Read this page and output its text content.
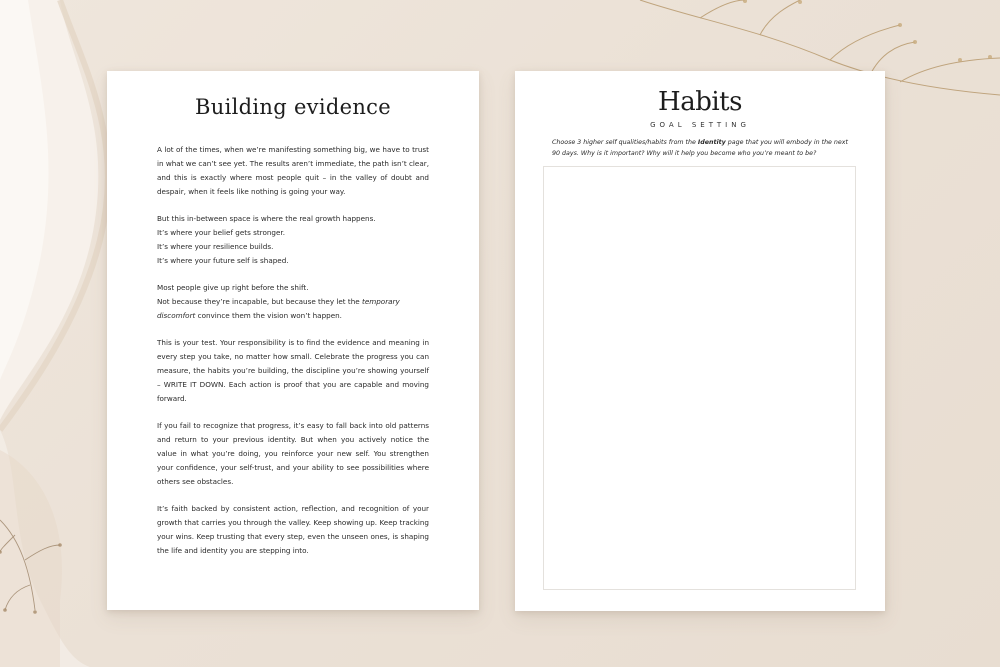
Building evidence

A lot of the times, when we’re manifesting something big, we have to trust in what we can’t see yet. The results aren’t immediate, the path isn’t clear, and this is exactly where most people quit – in the valley of doubt and despair, when it feels like nothing is going your way.

But this in-between space is where the real growth happens.
It’s where your belief gets stronger.
It’s where your resilience builds.
It’s where your future self is shaped.

Most people give up right before the shift.
Not because they’re incapable, but because they let the temporary discomfort convince them the vision won’t happen.

This is your test. Your responsibility is to find the evidence and meaning in every step you take, no matter how small. Celebrate the progress you can measure, the habits you’re building, the discipline you’re showing yourself – WRITE IT DOWN. Each action is proof that you are capable and moving forward.

If you fail to recognize that progress, it’s easy to fall back into old patterns and return to your previous identity. But when you actively notice the value in what you’re doing, you reinforce your new self. You strengthen your confidence, your self-trust, and your ability to see possibilities where others see obstacles.

It’s faith backed by consistent action, reflection, and recognition of your growth that carries you through the valley. Keep showing up. Keep tracking your wins. Keep trusting that every step, even the unseen ones, is shaping the life and identity you are stepping into.

Habits
GOAL SETTING
Choose 3 higher self qualities/habits from the Identity page that you will embody in the next 90 days. Why is it important? Why will it help you become who you’re meant to be?
